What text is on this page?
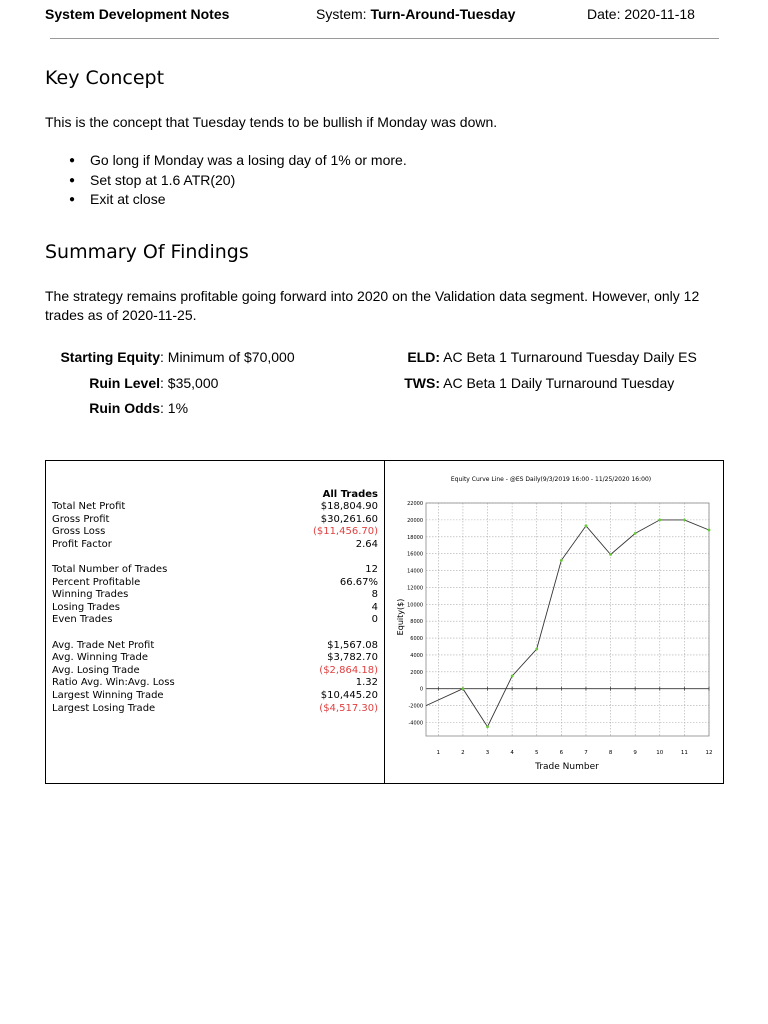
System Development Notes	System: Turn-Around-Tuesday	Date: 2020-11-18
Key Concept
This is the concept that Tuesday tends to be bullish if Monday was down.
● Go long if Monday was a losing day of 1% or more.
● Set stop at 1.6 ATR(20)
● Exit at close
Summary Of Findings
The strategy remains profitable going forward into 2020 on the Validation data segment. However, only 12
trades as of 2020-11-25.
Starting Equity: Minimum of $70,000
Ruin Level: $35,000
Ruin Odds: 1%
ELD: AC Beta 1 Turnaround Tuesday Daily ES
TWS: AC Beta 1 Daily Turnaround Tuesday
All Trades
Total Net Profit	$18,804.90
Gross Profit	$30,261.60
Gross Loss	($11,456.70)
Profit Factor	2.64
Total Number of Trades	12
Percent Profitable	66.67%
Winning Trades	8
Losing Trades	4
Even Trades	0
Avg. Trade Net Profit	$1,567.08
Avg. Winning Trade	$3,782.70
Avg. Losing Trade	($2,864.18)
Ratio Avg. Win:Avg. Loss	1.32
Largest Winning Trade	$10,445.20
Largest Losing Trade	($4,517.30)
Equity Curve Line - @ES Daily(9/3/2019 16:00 - 11/25/2020 16:00)
22000
20000
18000
16000
14000
12000
10000
8000
6000
4000
2000
0
-2000
-4000
1	2	3	4	5	6	7	8	9	10	11	12
Trade Number
Equity($)
